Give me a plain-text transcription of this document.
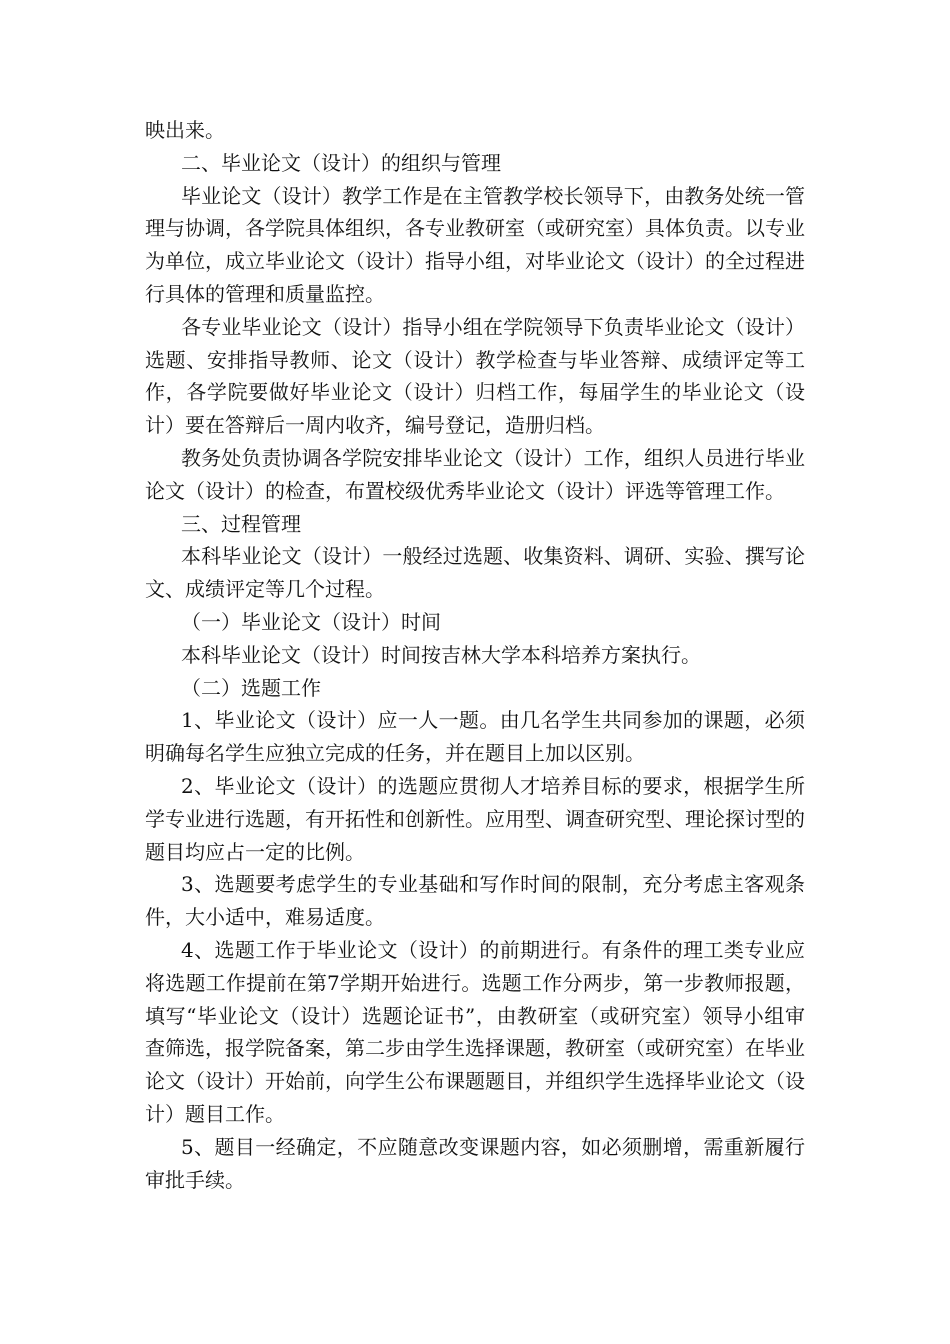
映出来。

二、毕业论文（设计）的组织与管理

毕业论文（设计）教学工作是在主管教学校长领导下，由教务处统一管理与协调，各学院具体组织，各专业教研室（或研究室）具体负责。以专业为单位，成立毕业论文（设计）指导小组，对毕业论文（设计）的全过程进行具体的管理和质量监控。

各专业毕业论文（设计）指导小组在学院领导下负责毕业论文（设计）选题、安排指导教师、论文（设计）教学检查与毕业答辩、成绩评定等工作，各学院要做好毕业论文（设计）归档工作，每届学生的毕业论文（设计）要在答辩后一周内收齐，编号登记，造册归档。

教务处负责协调各学院安排毕业论文（设计）工作，组织人员进行毕业论文（设计）的检查，布置校级优秀毕业论文（设计）评选等管理工作。

三、过程管理

本科毕业论文（设计）一般经过选题、收集资料、调研、实验、撰写论文、成绩评定等几个过程。

（一）毕业论文（设计）时间

本科毕业论文（设计）时间按吉林大学本科培养方案执行。

（二）选题工作

1、毕业论文（设计）应一人一题。由几名学生共同参加的课题，必须明确每名学生应独立完成的任务，并在题目上加以区别。

2、毕业论文（设计）的选题应贯彻人才培养目标的要求，根据学生所学专业进行选题，有开拓性和创新性。应用型、调查研究型、理论探讨型的题目均应占一定的比例。

3、选题要考虑学生的专业基础和写作时间的限制，充分考虑主客观条件，大小适中，难易适度。

4、选题工作于毕业论文（设计）的前期进行。有条件的理工类专业应将选题工作提前在第7学期开始进行。选题工作分两步，第一步教师报题，填写“毕业论文（设计）选题论证书”，由教研室（或研究室）领导小组审查筛选，报学院备案，第二步由学生选择课题，教研室（或研究室）在毕业论文（设计）开始前，向学生公布课题题目，并组织学生选择毕业论文（设计）题目工作。

5、题目一经确定，不应随意改变课题内容，如必须删增，需重新履行审批手续。
